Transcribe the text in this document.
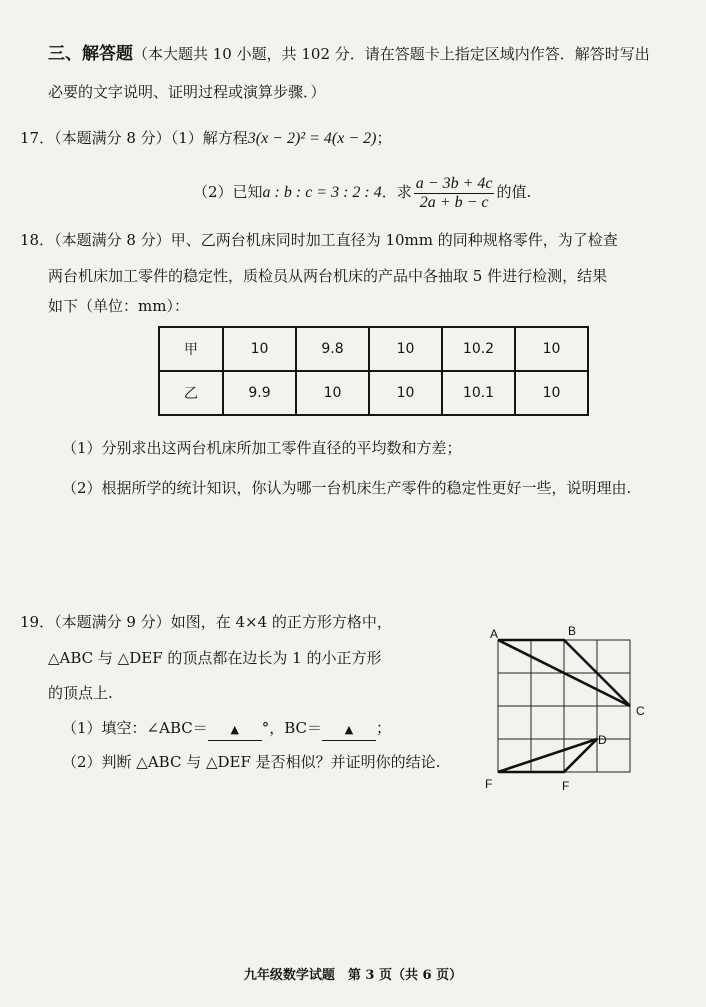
三、解答题（本大题共 10 小题，共 102 分．请在答题卡上指定区域内作答．解答时写出
必要的文字说明、证明过程或演算步骤．）
17．（本题满分 8 分）（1）解方程3(x − 2)² = 4(x − 2)；
（2）已知a : b : c = 3 : 2 : 4．求 $\frac{a - 3b + 4c}{2a + b - c}$ 的值.
18．（本题满分 8 分）甲、乙两台机床同时加工直径为 10mm 的同种规格零件，为了检查
两台机床加工零件的稳定性，质检员从两台机床的产品中各抽取 5 件进行检测，结果
如下（单位：mm）：
甲	10	9.8	10	10.2	10
乙	9.9	10	10	10.1	10
（1）分别求出这两台机床所加工零件直径的平均数和方差；
（2）根据所学的统计知识，你认为哪一台机床生产零件的稳定性更好一些，说明理由.
19．（本题满分 9 分）如图，在 4×4 的正方形方格中，
△ABC 与 △DEF 的顶点都在边长为 1 的小正方形
的顶点上.
（1）填空：∠ABC＝ ▲ °，BC＝ ▲ ；
（2）判断 △ABC 与 △DEF 是否相似？并证明你的结论.
A	B
C
D
F
F
九年级数学试题　第 3 页（共 6 页）
